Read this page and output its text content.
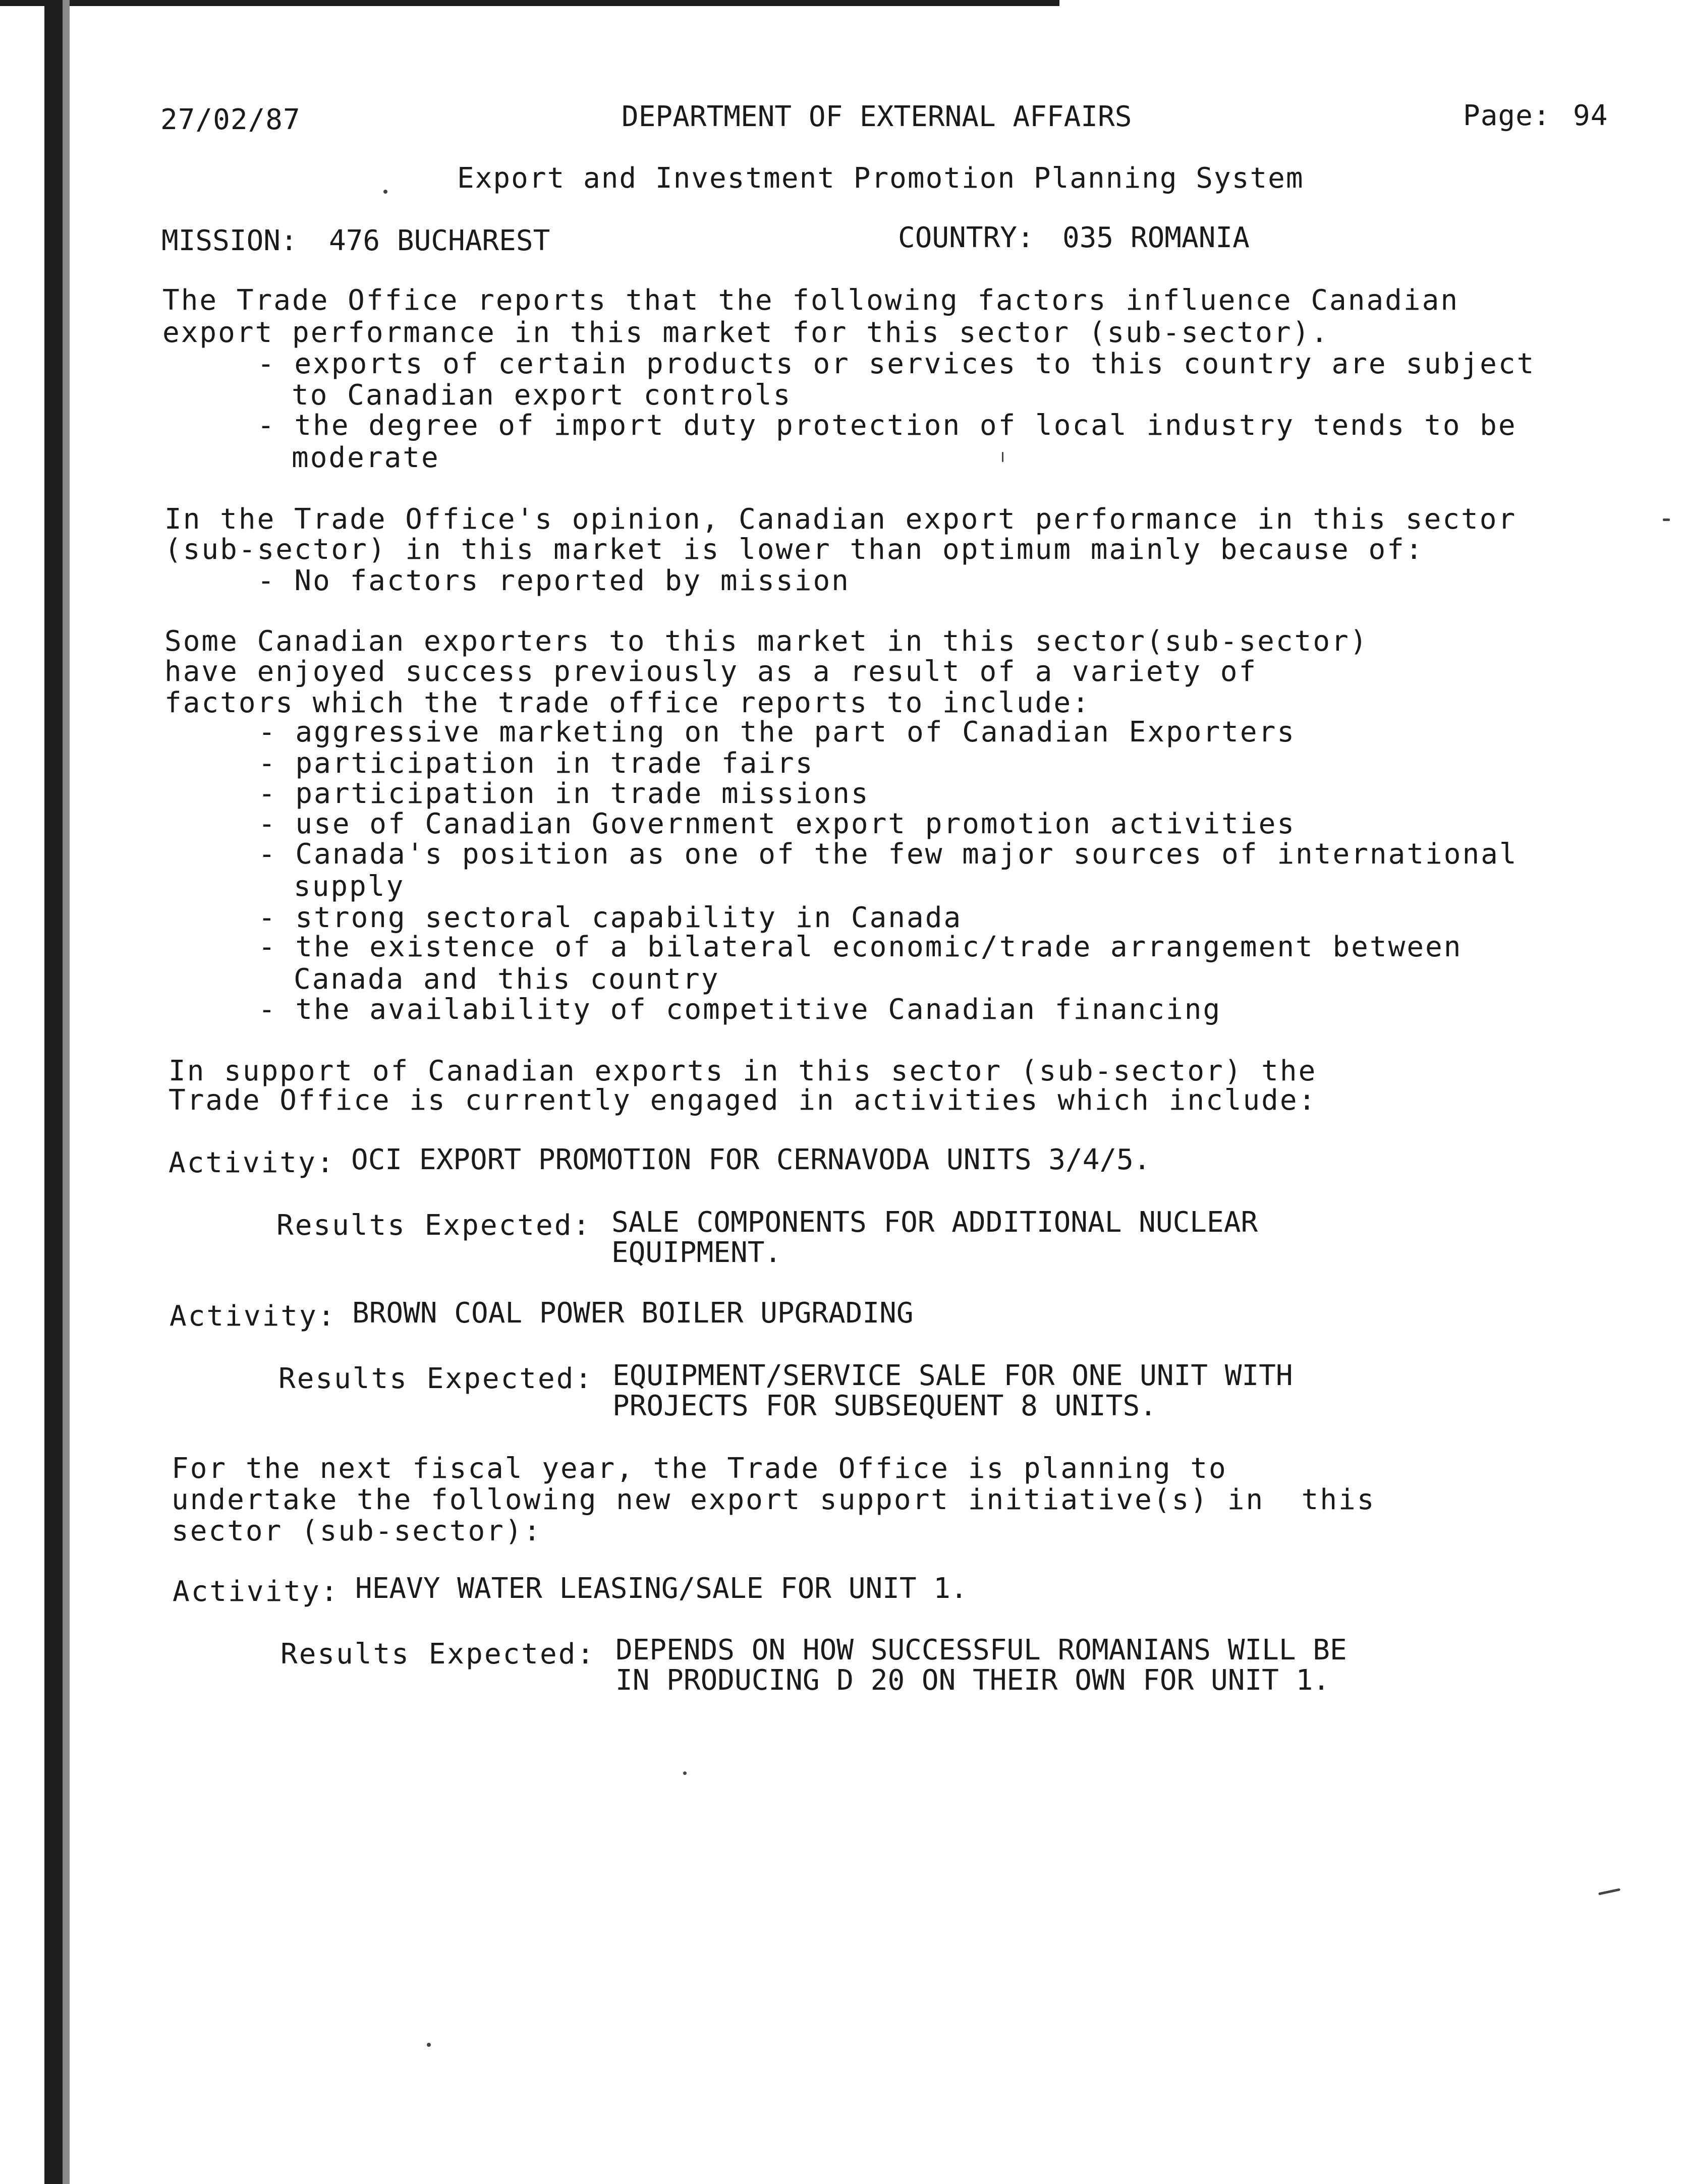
27/02/87	DEPARTMENT OF EXTERNAL AFFAIRS	Page: 94
Export and Investment Promotion Planning System
MISSION: 476 BUCHAREST	COUNTRY: 035 ROMANIA
The Trade Office reports that the following factors influence Canadian
export performance in this market for this sector (sub-sector).
- exports of certain products or services to this country are subject
to Canadian export controls
- the degree of import duty protection of local industry tends to be
moderate
In the Trade Office's opinion, Canadian export performance in this sector
(sub-sector) in this market is lower than optimum mainly because of:
- No factors reported by mission
Some Canadian exporters to this market in this sector(sub-sector)
have enjoyed success previously as a result of a variety of
factors which the trade office reports to include:
- aggressive marketing on the part of Canadian Exporters
- participation in trade fairs
- participation in trade missions
- use of Canadian Government export promotion activities
- Canada's position as one of the few major sources of international
supply
- strong sectoral capability in Canada
- the existence of a bilateral economic/trade arrangement between
Canada and this country
- the availability of competitive Canadian financing
In support of Canadian exports in this sector (sub-sector) the
Trade Office is currently engaged in activities which include:
Activity: OCI EXPORT PROMOTION FOR CERNAVODA UNITS 3/4/5.
Results Expected: SALE COMPONENTS FOR ADDITIONAL NUCLEAR
EQUIPMENT.
Activity: BROWN COAL POWER BOILER UPGRADING
Results Expected: EQUIPMENT/SERVICE SALE FOR ONE UNIT WITH
PROJECTS FOR SUBSEQUENT 8 UNITS.
For the next fiscal year, the Trade Office is planning to
undertake the following new export support initiative(s) in  this
sector (sub-sector):
Activity: HEAVY WATER LEASING/SALE FOR UNIT 1.
Results Expected: DEPENDS ON HOW SUCCESSFUL ROMANIANS WILL BE
IN PRODUCING D 20 ON THEIR OWN FOR UNIT 1.
